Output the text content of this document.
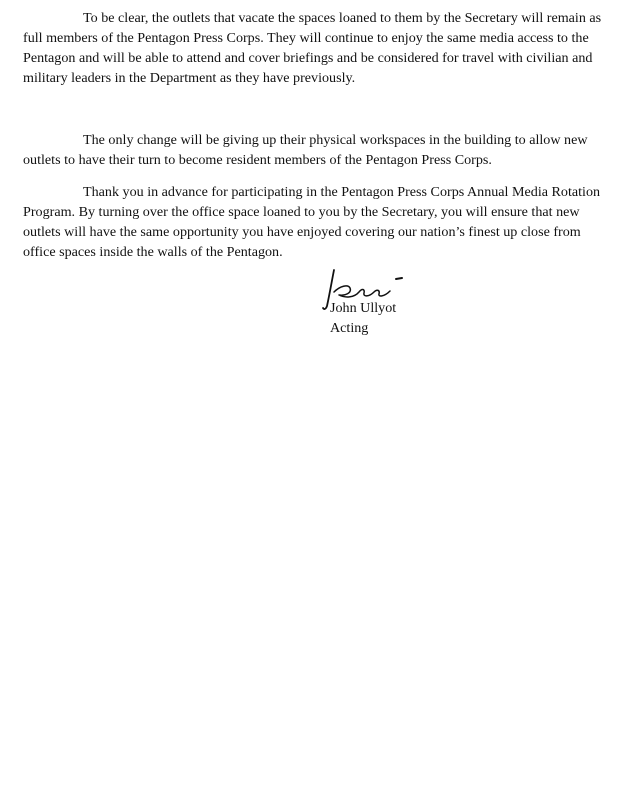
To be clear, the outlets that vacate the spaces loaned to them by the Secretary will remain as full members of the Pentagon Press Corps. They will continue to enjoy the same media access to the Pentagon and will be able to attend and cover briefings and be considered for travel with civilian and military leaders in the Department as they have previously.

The only change will be giving up their physical workspaces in the building to allow new outlets to have their turn to become resident members of the Pentagon Press Corps.

Thank you in advance for participating in the Pentagon Press Corps Annual Media Rotation Program. By turning over the office space loaned to you by the Secretary, you will ensure that new outlets will have the same opportunity you have enjoyed covering our nation’s finest up close from office spaces inside the walls of the Pentagon.

John Ullyot
Acting
